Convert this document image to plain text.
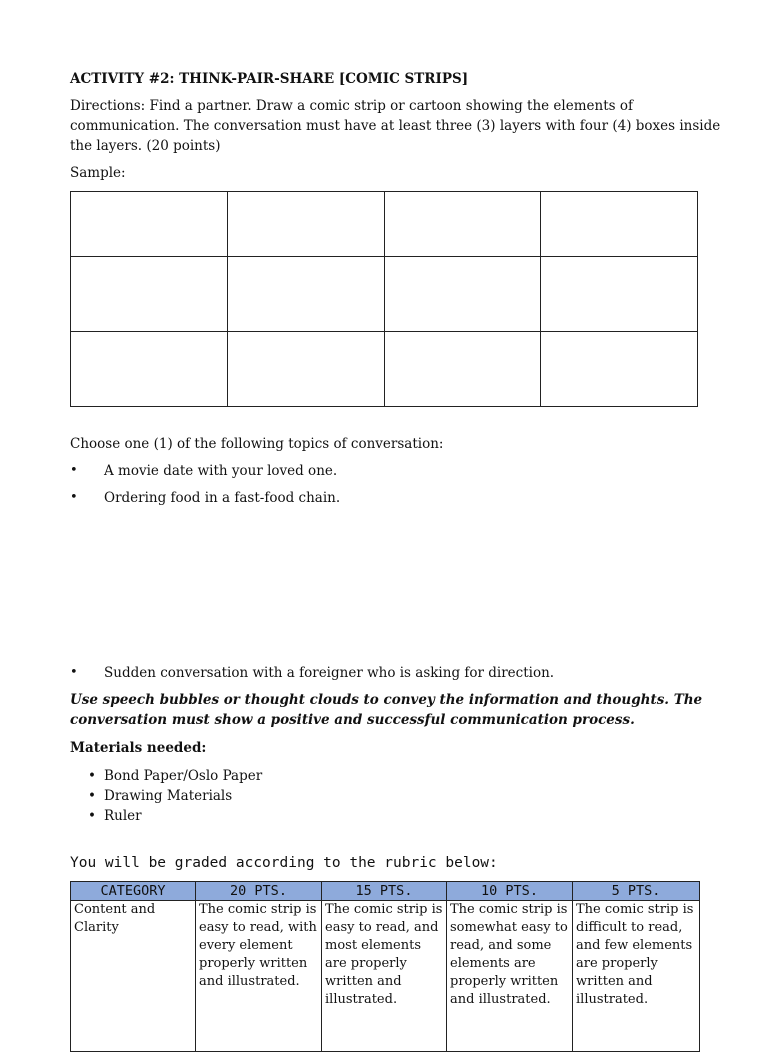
ACTIVITY #2: THINK-PAIR-SHARE [COMIC STRIPS]
Directions: Find a partner. Draw a comic strip or cartoon showing the elements of
communication. The conversation must have at least three (3) layers with four (4) boxes inside
the layers. (20 points)
Sample:

Choose one (1) of the following topics of conversation:
• A movie date with your loved one.
• Ordering food in a fast-food chain.
• Sudden conversation with a foreigner who is asking for direction.
Use speech bubbles or thought clouds to convey the information and thoughts. The
conversation must show a positive and successful communication process.
Materials needed:
• Bond Paper/Oslo Paper
• Drawing Materials
• Ruler
You will be graded according to the rubric below:
CATEGORY	20 PTS.	15 PTS.	10 PTS.	5 PTS.
Content and Clarity	The comic strip is easy to read, with every element properly written and illustrated.	The comic strip is easy to read, and most elements are properly written and illustrated.	The comic strip is somewhat easy to read, and some elements are properly written and illustrated.	The comic strip is difficult to read, and few elements are properly written and illustrated.
